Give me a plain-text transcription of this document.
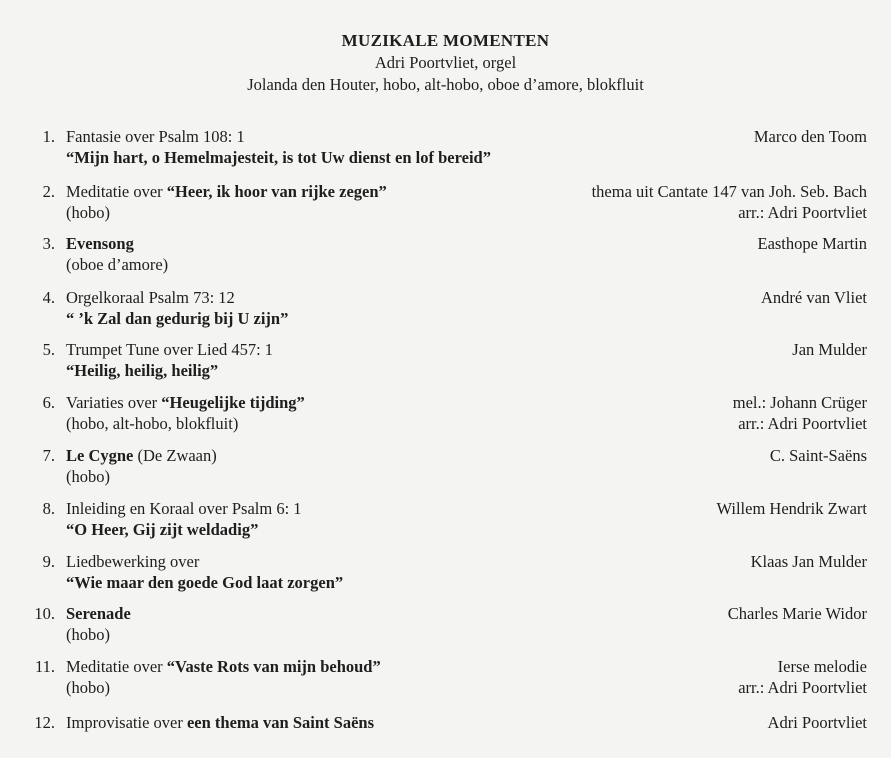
MUZIKALE MOMENTEN
Adri Poortvliet, orgel
Jolanda den Houter, hobo, alt-hobo, oboe d’amore, blokfluit
1. Fantasie over Psalm 108: 1
“Mijn hart, o Hemelmajesteit, is tot Uw dienst en lof bereid”
Marco den Toom
2. Meditatie over “Heer, ik hoor van rijke zegen”
(hobo)
thema uit Cantate 147 van Joh. Seb. Bach
arr.: Adri Poortvliet
3. Evensong
(oboe d’amore)
Easthope Martin
4. Orgelkoraal Psalm 73: 12
“ ’k Zal dan gedurig bij U zijn”
André van Vliet
5. Trumpet Tune over Lied 457: 1
“Heilig, heilig, heilig”
Jan Mulder
6. Variaties over “Heugelijke tijding”
(hobo, alt-hobo, blokfluit)
mel.: Johann Crüger
arr.: Adri Poortvliet
7. Le Cygne (De Zwaan)
(hobo)
C. Saint-Saëns
8. Inleiding en Koraal over Psalm 6: 1
“O Heer, Gij zijt weldadig”
Willem Hendrik Zwart
9. Liedbewerking over
“Wie maar den goede God laat zorgen”
Klaas Jan Mulder
10. Serenade
(hobo)
Charles Marie Widor
11. Meditatie over “Vaste Rots van mijn behoud”
(hobo)
Ierse melodie
arr.: Adri Poortvliet
12. Improvisatie over een thema van Saint Saëns	Adri Poortvliet
